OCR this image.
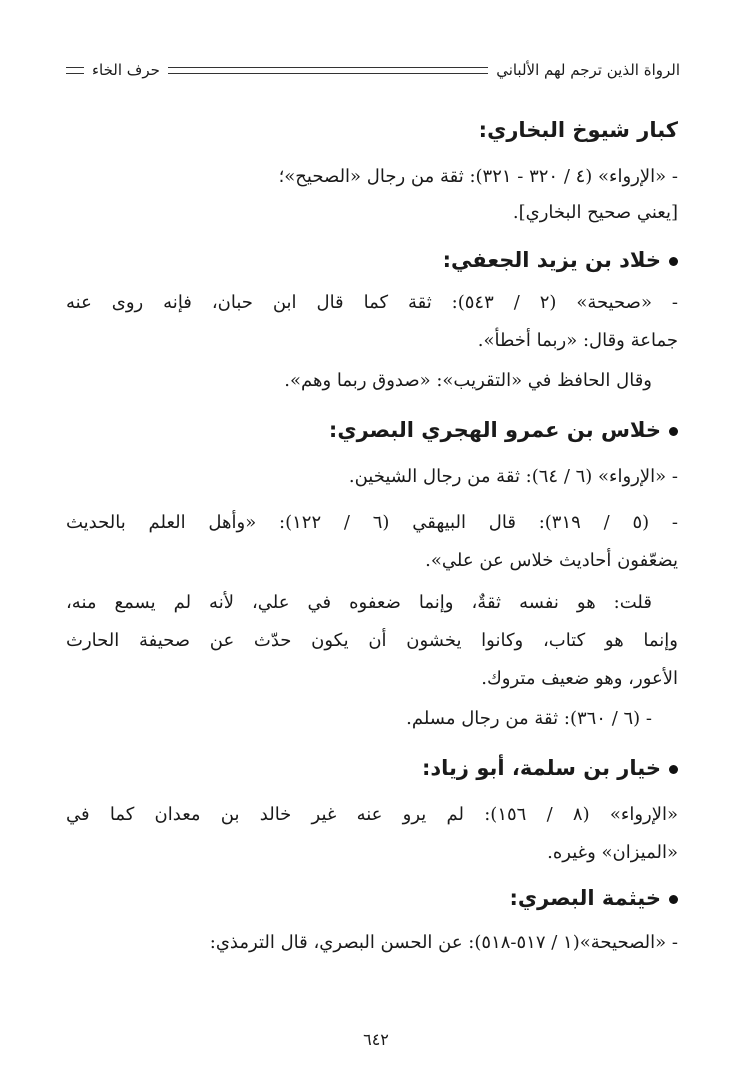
الرواة الذين ترجم لهم الألباني
حرف الخاء
كبار شيوخ البخاري:
- «الإرواء» (٤ / ٣٢٠ - ٣٢١): ثقة من رجال «الصحيح»؛
[يعني صحيح البخاري].
خلاد بن يزيد الجعفي:
- «صحيحة» (٢ / ٥٤٣): ثقة كما قال ابن حبان، فإنه روى عنه
جماعة وقال: «ربما أخطأ».
وقال الحافظ في «التقريب»: «صدوق ربما وهم».
خلاس بن عمرو الهجري البصري:
- «الإرواء» (٦ / ٦٤): ثقة من رجال الشيخين.
- (٥ / ٣١٩): قال البيهقي (٦ / ١٢٢): «وأهل العلم بالحديث
يضعّفون أحاديث خلاس عن علي».
قلت: هو نفسه ثقةٌ، وإنما ضعفوه في علي، لأنه لم يسمع منه،
وإنما هو كتاب، وكانوا يخشون أن يكون حدّث عن صحيفة الحارث
الأعور، وهو ضعيف متروك.
- (٦ / ٣٦٠): ثقة من رجال مسلم.
خيار بن سلمة، أبو زياد:
«الإرواء» (٨ / ١٥٦): لم يرو عنه غير خالد بن معدان كما في
«الميزان» وغيره.
خيثمة البصري:
- «الصحيحة»(١ / ٥١٧-٥١٨): عن الحسن البصري، قال الترمذي:
٦٤٢
